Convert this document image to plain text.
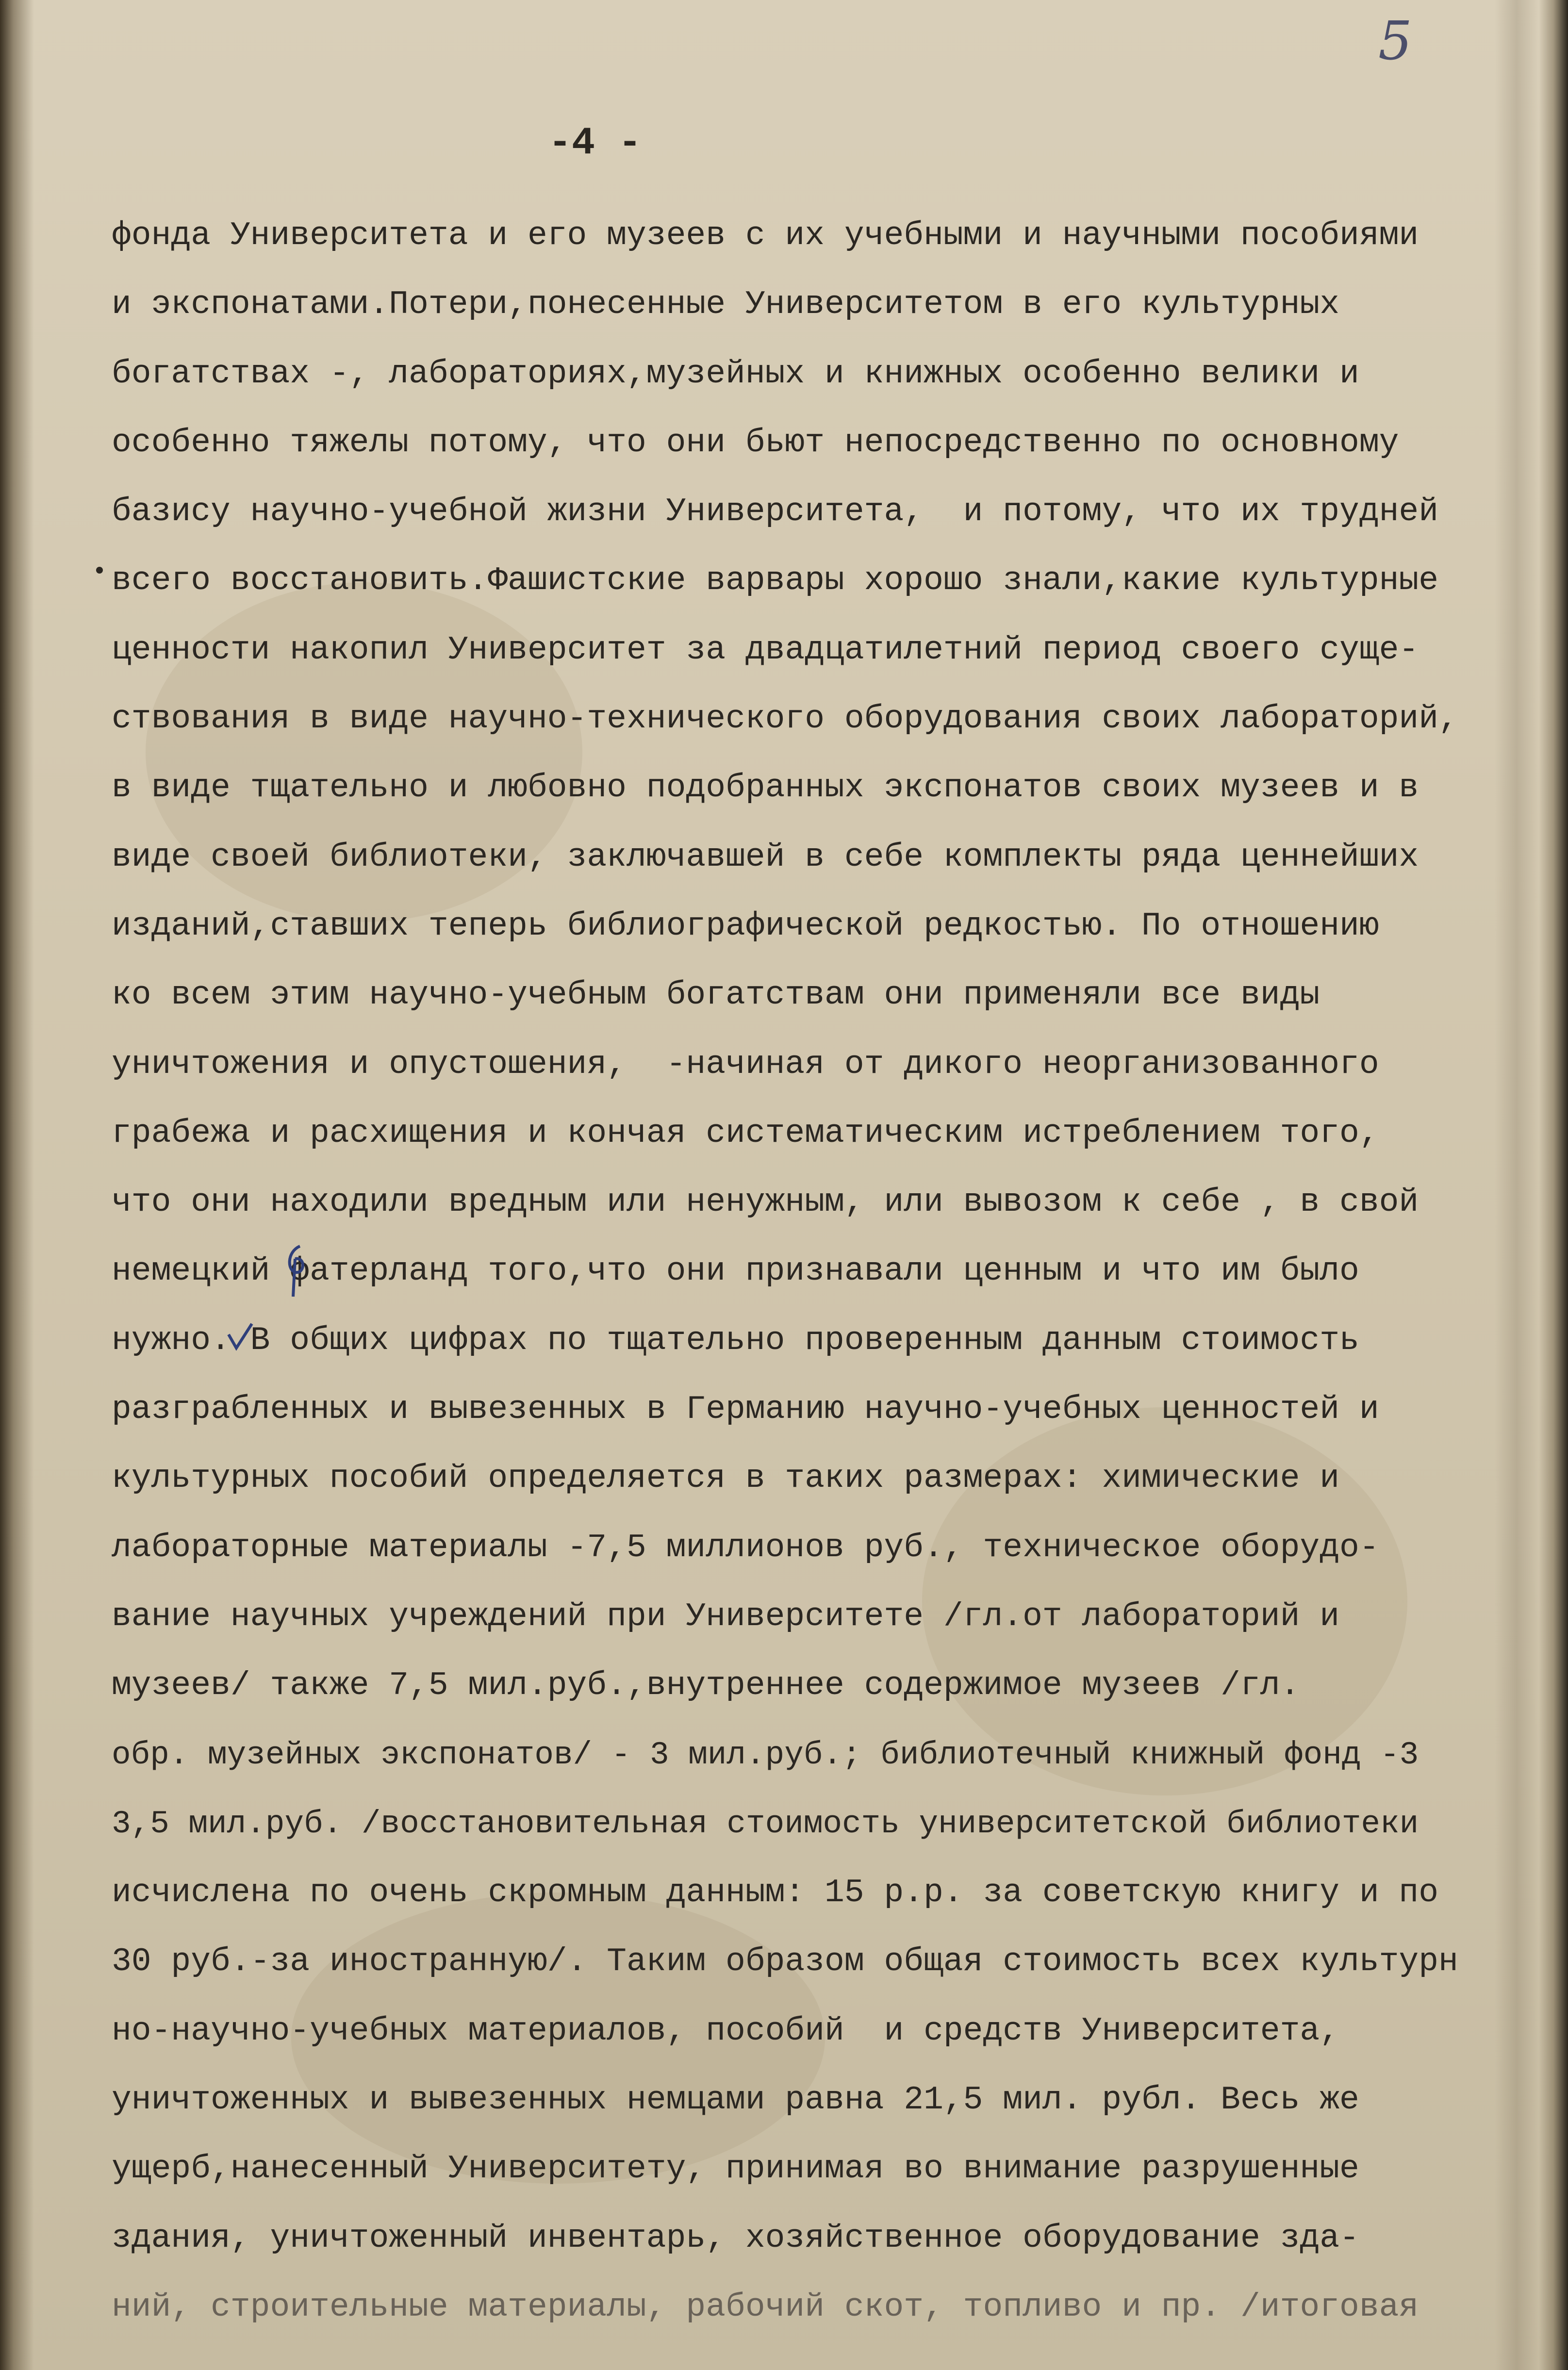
5
-4 -
фонда Университета и его музеев с их учебными и научными пособиями
и экспонатами.Потери,понесенные Университетом в его культурных
богатствах -, лабораториях,музейных и книжных особенно велики и
особенно тяжелы потому, что они бьют непосредственно по основному
базису научно-учебной жизни Университета,  и потому, что их трудней
всего восстановить.Фашистские варвары хорошо знали,какие культурные
ценности накопил Университет за двадцатилетний период своего суще-
ствования в виде научно-технического оборудования своих лабораторий,
в виде тщательно и любовно подобранных экспонатов своих музеев и в
виде своей библиотеки, заключавшей в себе комплекты ряда ценнейших
изданий,ставших теперь библиографической редкостью. По отношению
ко всем этим научно-учебным богатствам они применяли все виды
уничтожения и опустошения,  -начиная от дикого неорганизованного
грабежа и расхищения и кончая систематическим истреблением того,
что они находили вредным или ненужным, или вывозом к себе , в свой
немецкий фатерланд того,что они признавали ценным и что им было
нужно. В общих цифрах по тщательно проверенным данным стоимость
разграбленных и вывезенных в Германию научно-учебных ценностей и
культурных пособий определяется в таких размерах: химические и
лабораторные материалы -7,5 миллионов руб., техническое оборудо-
вание научных учреждений при Университете /гл.от лабораторий и
музеев/ также 7,5 мил.руб.,внутреннее содержимое музеев /гл.
обр. музейных экспонатов/ - 3 мил.руб.; библиотечный книжный фонд -3
3,5 мил.руб. /восстановительная стоимость университетской библиотеки
исчислена по очень скромным данным: 15 р.р. за советскую книгу и по
30 руб.-за иностранную/. Таким образом общая стоимость всех культурн
но-научно-учебных материалов, пособий  и средств Университета,
уничтоженных и вывезенных немцами равна 21,5 мил. рубл. Весь же
ущерб,нанесенный Университету, принимая во внимание разрушенные
здания, уничтоженный инвентарь, хозяйственное оборудование зда-
ний, строительные материалы, рабочий скот, топливо и пр. /итоговая
